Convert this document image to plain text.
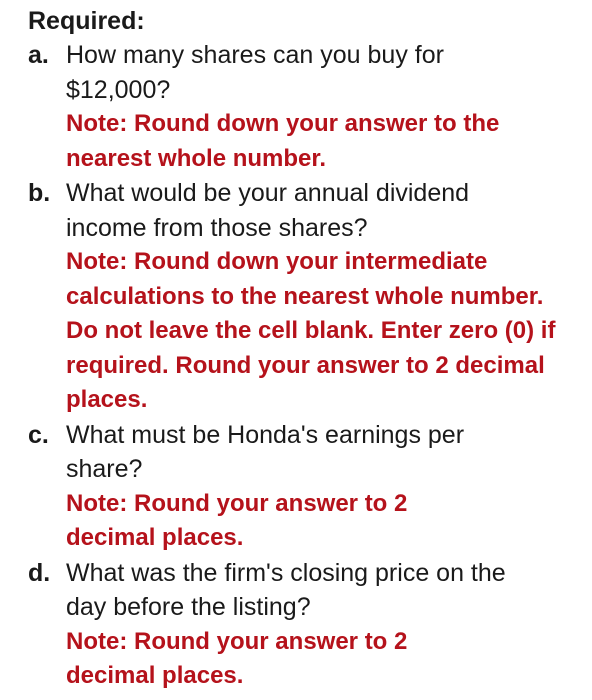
Required:

a. How many shares can you buy for $12,000?

Note: Round down your answer to the nearest whole number.

b. What would be your annual dividend income from those shares?

Note: Round down your intermediate calculations to the nearest whole number. Do not leave the cell blank. Enter zero (0) if required. Round your answer to 2 decimal places.

c. What must be Honda's earnings per share?

Note: Round your answer to 2 decimal places.

d. What was the firm's closing price on the day before the listing?

Note: Round your answer to 2 decimal places.
